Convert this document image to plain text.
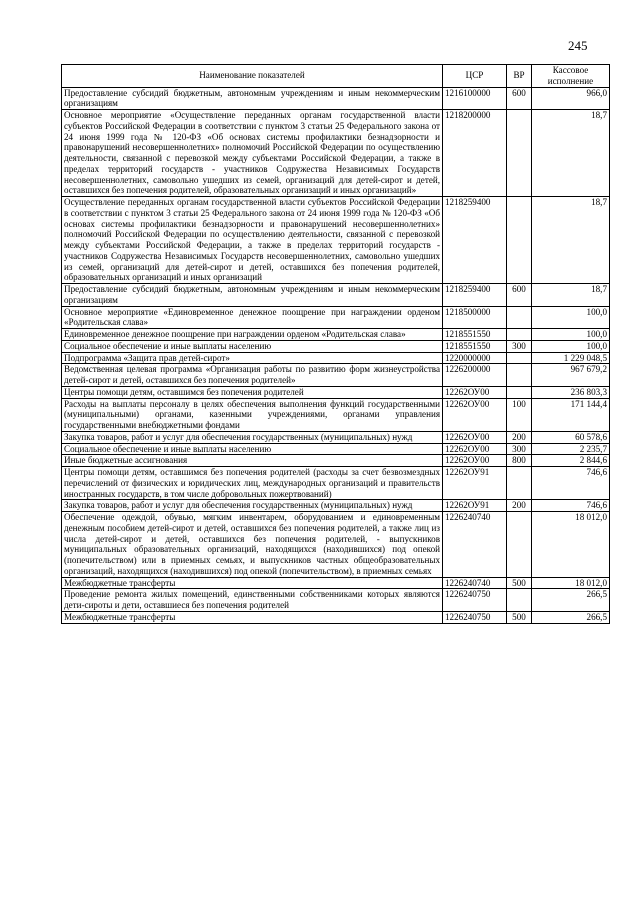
245
Наименование показателей	ЦСР	ВР	Кассовое исполнение
Предоставление субсидий бюджетным, автономным учреждениям и иным некоммерческим организациям	1216100000	600	966,0
Основное мероприятие «Осуществление переданных органам государственной власти субъектов Российской Федерации в соответствии с пунктом 3 статьи 25 Федерального закона от 24 июня 1999 года № 120-ФЗ «Об основах системы профилактики безнадзорности и правонарушений несовершеннолетних» полномочий Российской Федерации по осуществлению деятельности, связанной с перевозкой между субъектами Российской Федерации, а также в пределах территорий государств - участников Содружества Независимых Государств несовершеннолетних, самовольно ушедших из семей, организаций для детей-сирот и детей, оставшихся без попечения родителей, образовательных организаций и иных организаций»	1218200000		18,7
Осуществление переданных органам государственной власти субъектов Российской Федерации в соответствии с пунктом 3 статьи 25 Федерального закона от 24 июня 1999 года № 120-ФЗ «Об основах системы профилактики безнадзорности и правонарушений несовершеннолетних» полномочий Российской Федерации по осуществлению деятельности, связанной с перевозкой между субъектами Российской Федерации, а также в пределах территорий государств - участников Содружества Независимых Государств несовершеннолетних, самовольно ушедших из семей, организаций для детей-сирот и детей, оставшихся без попечения родителей, образовательных организаций и иных организаций	1218259400		18,7
Предоставление субсидий бюджетным, автономным учреждениям и иным некоммерческим организациям	1218259400	600	18,7
Основное мероприятие «Единовременное денежное поощрение при награждении орденом «Родительская слава»	1218500000		100,0
Единовременное денежное поощрение при награждении орденом «Родительская слава»	1218551550		100,0
Социальное обеспечение и иные выплаты населению	1218551550	300	100,0
Подпрограмма «Защита прав детей-сирот»	1220000000		1 229 048,5
Ведомственная целевая программа «Организация работы по развитию форм жизнеустройства детей-сирот и детей, оставшихся без попечения родителей»	1226200000		967 679,2
Центры помощи детям, оставшимся без попечения родителей	12262ОУ00		236 803,3
Расходы на выплаты персоналу в целях обеспечения выполнения функций государственными (муниципальными) органами, казенными учреждениями, органами управления государственными внебюджетными фондами	12262ОУ00	100	171 144,4
Закупка товаров, работ и услуг для обеспечения государственных (муниципальных) нужд	12262ОУ00	200	60 578,6
Социальное обеспечение и иные выплаты населению	12262ОУ00	300	2 235,7
Иные бюджетные ассигнования	12262ОУ00	800	2 844,6
Центры помощи детям, оставшимся без попечения родителей (расходы за счет безвозмездных перечислений от физических и юридических лиц, международных организаций и правительств иностранных государств, в том числе добровольных пожертвований)	12262ОУ91		746,6
Закупка товаров, работ и услуг для обеспечения государственных (муниципальных) нужд	12262ОУ91	200	746,6
Обеспечение одеждой, обувью, мягким инвентарем, оборудованием и единовременным денежным пособием детей-сирот и детей, оставшихся без попечения родителей, а также лиц из числа детей-сирот и детей, оставшихся без попечения родителей, - выпускников муниципальных образовательных организаций, находящихся (находившихся) под опекой (попечительством) или в приемных семьях, и выпускников частных общеобразовательных организаций, находящихся (находившихся) под опекой (попечительством), в приемных семьях	1226240740		18 012,0
Межбюджетные трансферты	1226240740	500	18 012,0
Проведение ремонта жилых помещений, единственными собственниками которых являются дети-сироты и дети, оставшиеся без попечения родителей	1226240750		266,5
Межбюджетные трансферты	1226240750	500	266,5
